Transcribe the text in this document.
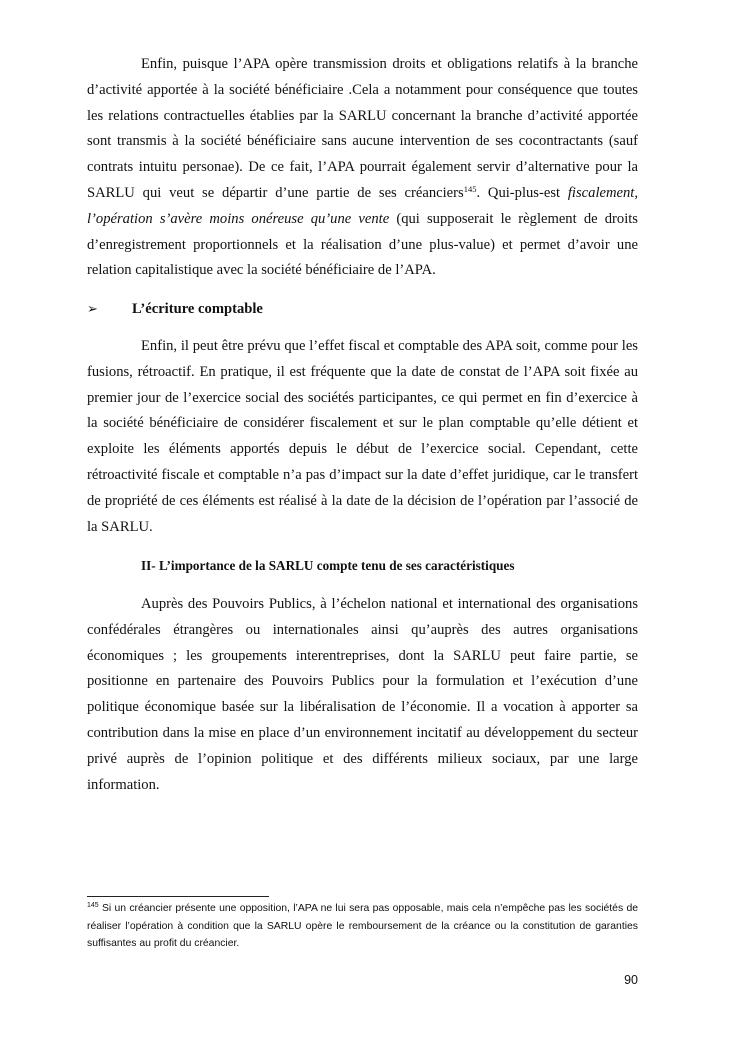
Enfin, puisque l’APA opère transmission droits et obligations relatifs à la branche d’activité apportée à la société bénéficiaire .Cela a notamment pour conséquence que toutes les relations contractuelles établies par la SARLU concernant la branche d’activité apportée sont transmis à la société bénéficiaire sans aucune intervention de ses cocontractants (sauf contrats intuitu personae). De ce fait, l’APA pourrait également servir d’alternative pour la SARLU qui veut se départir d’une partie de ses créanciers$^{145}$. Qui-plus-est fiscalement, l’opération s’avère moins onéreuse qu’une vente (qui supposerait le règlement de droits d’enregistrement proportionnels et la réalisation d’une plus-value) et permet d’avoir une relation capitalistique avec la société bénéficiaire de l’APA.

➢	L’écriture comptable

Enfin, il peut être prévu que l’effet fiscal et comptable des APA soit, comme pour les fusions, rétroactif. En pratique, il est fréquente que la date de constat de l’APA soit fixée au premier jour de l’exercice social des sociétés participantes, ce qui permet en fin d’exercice à la société bénéficiaire de considérer fiscalement et sur le plan comptable qu’elle détient et exploite les éléments apportés depuis le début de l’exercice social. Cependant, cette rétroactivité fiscale et comptable n’a pas d’impact sur la date d’effet juridique, car le transfert de propriété de ces éléments est réalisé à la date de la décision de l’opération par l’associé de la SARLU.

II- L’importance de la SARLU compte tenu de ses caractéristiques

Auprès des Pouvoirs Publics, à l’échelon national et international des organisations confédérales étrangères ou internationales ainsi qu’auprès des autres organisations économiques ; les groupements interentreprises, dont la SARLU peut faire partie, se positionne en partenaire des Pouvoirs Publics pour la formulation et l’exécution d’une politique économique basée sur la libéralisation de l’économie. Il a vocation à apporter sa contribution dans la mise en place d’un environnement incitatif au développement du secteur privé auprès de l’opinion politique et des différents milieux sociaux, par une large information.

$^{145}$ Si un créancier présente une opposition, l’APA ne lui sera pas opposable, mais cela n’empêche pas les sociétés de réaliser l’opération à condition que la SARLU opère le remboursement de la créance ou la constitution de garanties suffisantes au profit du créancier.

90
